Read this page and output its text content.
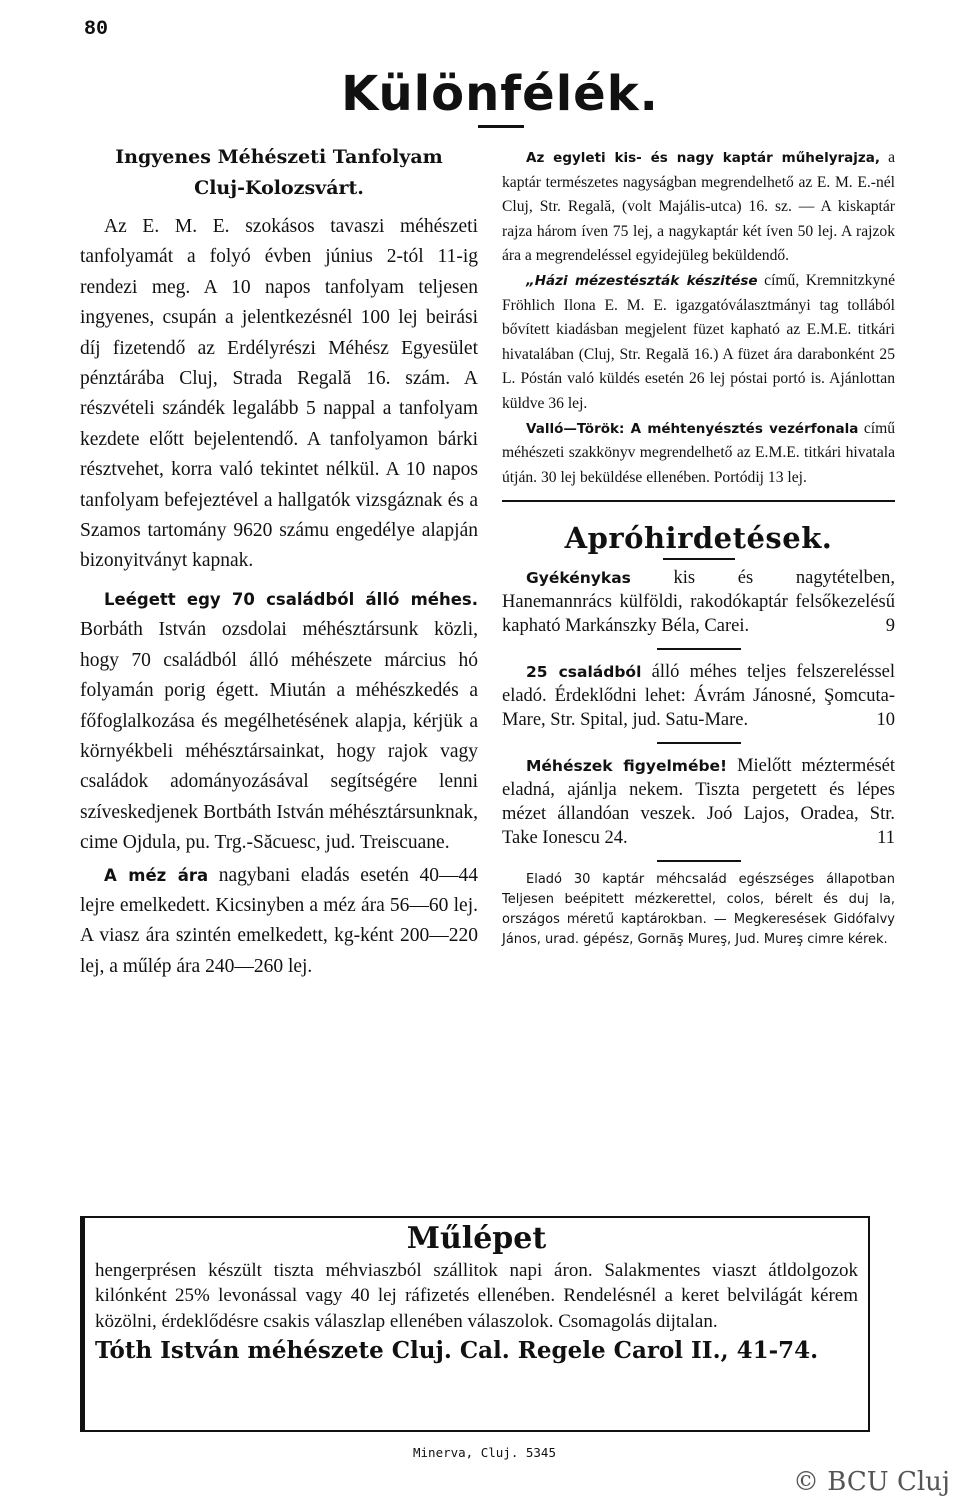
80
Különfélék.
Ingyenes Méhészeti Tanfolyam
Cluj-Kolozsvárt.

Az E. M. E. szokásos tavaszi méhészeti tanfolyamát a folyó évben június 2-tól 11-ig rendezi meg. A 10 napos tanfolyam teljesen ingyenes, csupán a jelentkezésnél 100 lej beirási díj fizetendő az Erdélyrészi Méhész Egyesület pénztárába Cluj, Strada Regală 16. szám. A részvételi szándék legalább 5 nappal a tanfolyam kezdete előtt bejelentendő. A tanfolyamon bárki résztvehet, korra való tekintet nélkül. A 10 napos tanfolyam befejeztével a hallgatók vizsgáznak és a Szamos tartomány 9620 számu engedélye alapján bizonyitványt kapnak.

Leégett egy 70 családból álló méhes. Borbáth István ozsdolai méhésztársunk közli, hogy 70 családból álló méhészete március hó folyamán porig égett. Miután a méhészkedés a főfoglalkozása és megélhetésének alapja, kérjük a környékbeli méhésztársainkat, hogy rajok vagy családok adományozásával segítségére lenni szíveskedjenek Bortbáth István méhésztársunknak, cime Ojdula, pu. Trg.-Săcuesc, jud. Treiscuane.

A méz ára nagybani eladás esetén 40—44 lejre emelkedett. Kicsinyben a méz ára 56—60 lej. A viasz ára szintén emelkedett, kg-ként 200—220 lej, a műlép ára 240—260 lej.

Az egyleti kis- és nagy kaptár műhelyrajza, a kaptár természetes nagyságban megrendelhető az E. M. E.-nél Cluj, Str. Regală, (volt Majális-utca) 16. sz. — A kiskaptár rajza három íven 75 lej, a nagykaptár két íven 50 lej. A rajzok ára a megrendeléssel egyidejüleg beküldendő.

„Házi mézestészták készitése című, Kremnitzkyné Fröhlich Ilona E. M. E. igazgatóválasztmányi tag tollából bővített kiadásban megjelent füzet kapható az E.M.E. titkári hivatalában (Cluj, Str. Regală 16.) A füzet ára darabonként 25 L. Póstán való küldés esetén 26 lej póstai portó is. Ajánlottan küldve 36 lej.

Valló—Török: A méhtenyésztés vezérfonala című méhészeti szakkönyv megrendelhető az E.M.E. titkári hivatala útján. 30 lej beküldése ellenében. Portódij 13 lej.

Apróhirdetések.

Gyékénykas kis és nagytételben, Hanemannrács külföldi, rakodókaptár felsőkezelésű kapható Markánszky Béla, Carei.	9

25 családból álló méhes teljes felszereléssel eladó. Érdeklődni lehet: Ávrám Jánosné, Şomcuta-Mare, Str. Spital, jud. Satu-Mare.	10

Méhészek figyelmébe! Mielőtt méztermését eladná, ajánlja nekem. Tiszta pergetett és lépes mézet állandóan veszek. Joó Lajos, Oradea, Str. Take Ionescu 24.	11

Eladó 30 kaptár méhcsalád egészséges állapotban Teljesen beépitett mézkerettel, colos, bérelt és duj la, országos méretű kaptárokban. — Megkeresések Gidófalvy János, urad. gépész, Gornăş Mureş, Jud. Mureş cimre kérek.

Műlépet

hengerprésen készült tiszta méhviaszból szállitok napi áron. Salakmentes viaszt átldolgozok kilónként 25% levonással vagy 40 lej ráfizetés ellenében. Rendelésnél a keret belvilágát kérem közölni, érdeklődésre csakis válaszlap ellenében válaszolok. Csomagolás dijtalan.

Tóth István méhészete Cluj. Cal. Regele Carol II., 41-74.
Minerva, Cluj. 5345
© BCU Cluj
